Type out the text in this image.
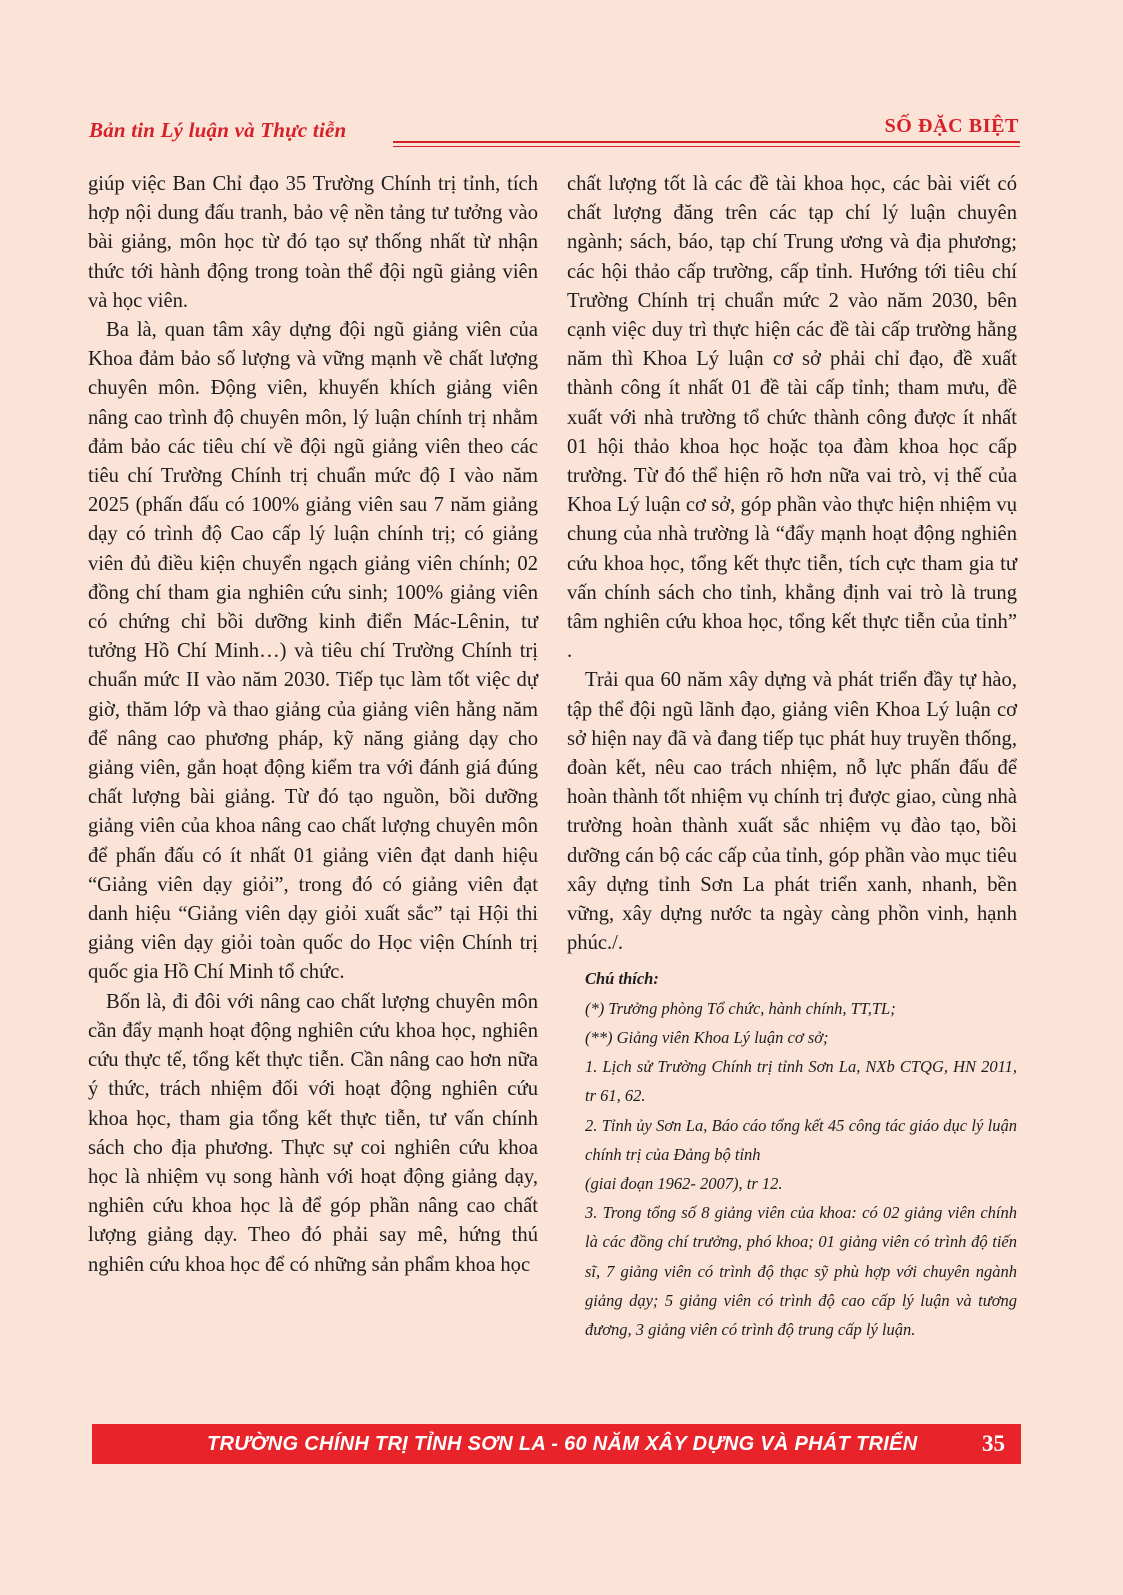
Bản tin Lý luận và Thực tiễn	SỐ ĐẶC BIỆT

giúp việc Ban Chỉ đạo 35 Trường Chính trị tỉnh, tích hợp nội dung đấu tranh, bảo vệ nền tảng tư tưởng vào bài giảng, môn học từ đó tạo sự thống nhất từ nhận thức tới hành động trong toàn thể đội ngũ giảng viên và học viên.

Ba là, quan tâm xây dựng đội ngũ giảng viên của Khoa đảm bảo số lượng và vững mạnh về chất lượng chuyên môn. Động viên, khuyến khích giảng viên nâng cao trình độ chuyên môn, lý luận chính trị nhằm đảm bảo các tiêu chí về đội ngũ giảng viên theo các tiêu chí Trường Chính trị chuẩn mức độ I vào năm 2025 (phấn đấu có 100% giảng viên sau 7 năm giảng dạy có trình độ Cao cấp lý luận chính trị; có giảng viên đủ điều kiện chuyển ngạch giảng viên chính; 02 đồng chí tham gia nghiên cứu sinh; 100% giảng viên có chứng chỉ bồi dưỡng kinh điển Mác-Lênin, tư tưởng Hồ Chí Minh…) và tiêu chí Trường Chính trị chuẩn mức II vào năm 2030. Tiếp tục làm tốt việc dự giờ, thăm lớp và thao giảng của giảng viên hằng năm để nâng cao phương pháp, kỹ năng giảng dạy cho giảng viên, gắn hoạt động kiểm tra với đánh giá đúng chất lượng bài giảng. Từ đó tạo nguồn, bồi dưỡng giảng viên của khoa nâng cao chất lượng chuyên môn để phấn đấu có ít nhất 01 giảng viên đạt danh hiệu “Giảng viên dạy giỏi”, trong đó có giảng viên đạt danh hiệu “Giảng viên dạy giỏi xuất sắc” tại Hội thi giảng viên dạy giỏi toàn quốc do Học viện Chính trị quốc gia Hồ Chí Minh tổ chức.

Bốn là, đi đôi với nâng cao chất lượng chuyên môn cần đẩy mạnh hoạt động nghiên cứu khoa học, nghiên cứu thực tế, tổng kết thực tiễn. Cần nâng cao hơn nữa ý thức, trách nhiệm đối với hoạt động nghiên cứu khoa học, tham gia tổng kết thực tiễn, tư vấn chính sách cho địa phương. Thực sự coi nghiên cứu khoa học là nhiệm vụ song hành với hoạt động giảng dạy, nghiên cứu khoa học là để góp phần nâng cao chất lượng giảng dạy. Theo đó phải say mê, hứng thú nghiên cứu khoa học để có những sản phẩm khoa học

chất lượng tốt là các đề tài khoa học, các bài viết có chất lượng đăng trên các tạp chí lý luận chuyên ngành; sách, báo, tạp chí Trung ương và địa phương; các hội thảo cấp trường, cấp tỉnh. Hướng tới tiêu chí Trường Chính trị chuẩn mức 2 vào năm 2030, bên cạnh việc duy trì thực hiện các đề tài cấp trường hằng năm thì Khoa Lý luận cơ sở phải chỉ đạo, đề xuất thành công ít nhất 01 đề tài cấp tỉnh; tham mưu, đề xuất với nhà trường tổ chức thành công được ít nhất 01 hội thảo khoa học hoặc tọa đàm khoa học cấp trường. Từ đó thể hiện rõ hơn nữa vai trò, vị thế của Khoa Lý luận cơ sở, góp phần vào thực hiện nhiệm vụ chung của nhà trường là “đẩy mạnh hoạt động nghiên cứu khoa học, tổng kết thực tiễn, tích cực tham gia tư vấn chính sách cho tỉnh, khẳng định vai trò là trung tâm nghiên cứu khoa học, tổng kết thực tiễn của tỉnh” .

Trải qua 60 năm xây dựng và phát triển đầy tự hào, tập thể đội ngũ lãnh đạo, giảng viên Khoa Lý luận cơ sở hiện nay đã và đang tiếp tục phát huy truyền thống, đoàn kết, nêu cao trách nhiệm, nỗ lực phấn đấu để hoàn thành tốt nhiệm vụ chính trị được giao, cùng nhà trường hoàn thành xuất sắc nhiệm vụ đào tạo, bồi dưỡng cán bộ các cấp của tỉnh, góp phần vào mục tiêu xây dựng tỉnh Sơn La phát triển xanh, nhanh, bền vững, xây dựng nước ta ngày càng phồn vinh, hạnh phúc./.

Chú thích:
(*) Trưởng phòng Tổ chức, hành chính, TT,TL;
(**) Giảng viên Khoa Lý luận cơ sở;
1. Lịch sử Trường Chính trị tỉnh Sơn La, NXb CTQG, HN 2011, tr 61, 62.
2. Tỉnh ủy Sơn La, Báo cáo tổng kết 45 công tác giáo dục lý luận chính trị của Đảng bộ tỉnh
(giai đoạn 1962- 2007), tr 12.
3. Trong tổng số 8 giảng viên của khoa: có 02 giảng viên chính là các đồng chí trưởng, phó khoa; 01 giảng viên có trình độ tiến sĩ, 7 giảng viên có trình độ thạc sỹ phù hợp với chuyên ngành giảng dạy; 5 giảng viên có trình độ cao cấp lý luận và tương đương, 3 giảng viên có trình độ trung cấp lý luận.
TRƯỜNG CHÍNH TRỊ TỈNH SƠN LA - 60 NĂM XÂY DỰNG VÀ PHÁT TRIỂN	35
